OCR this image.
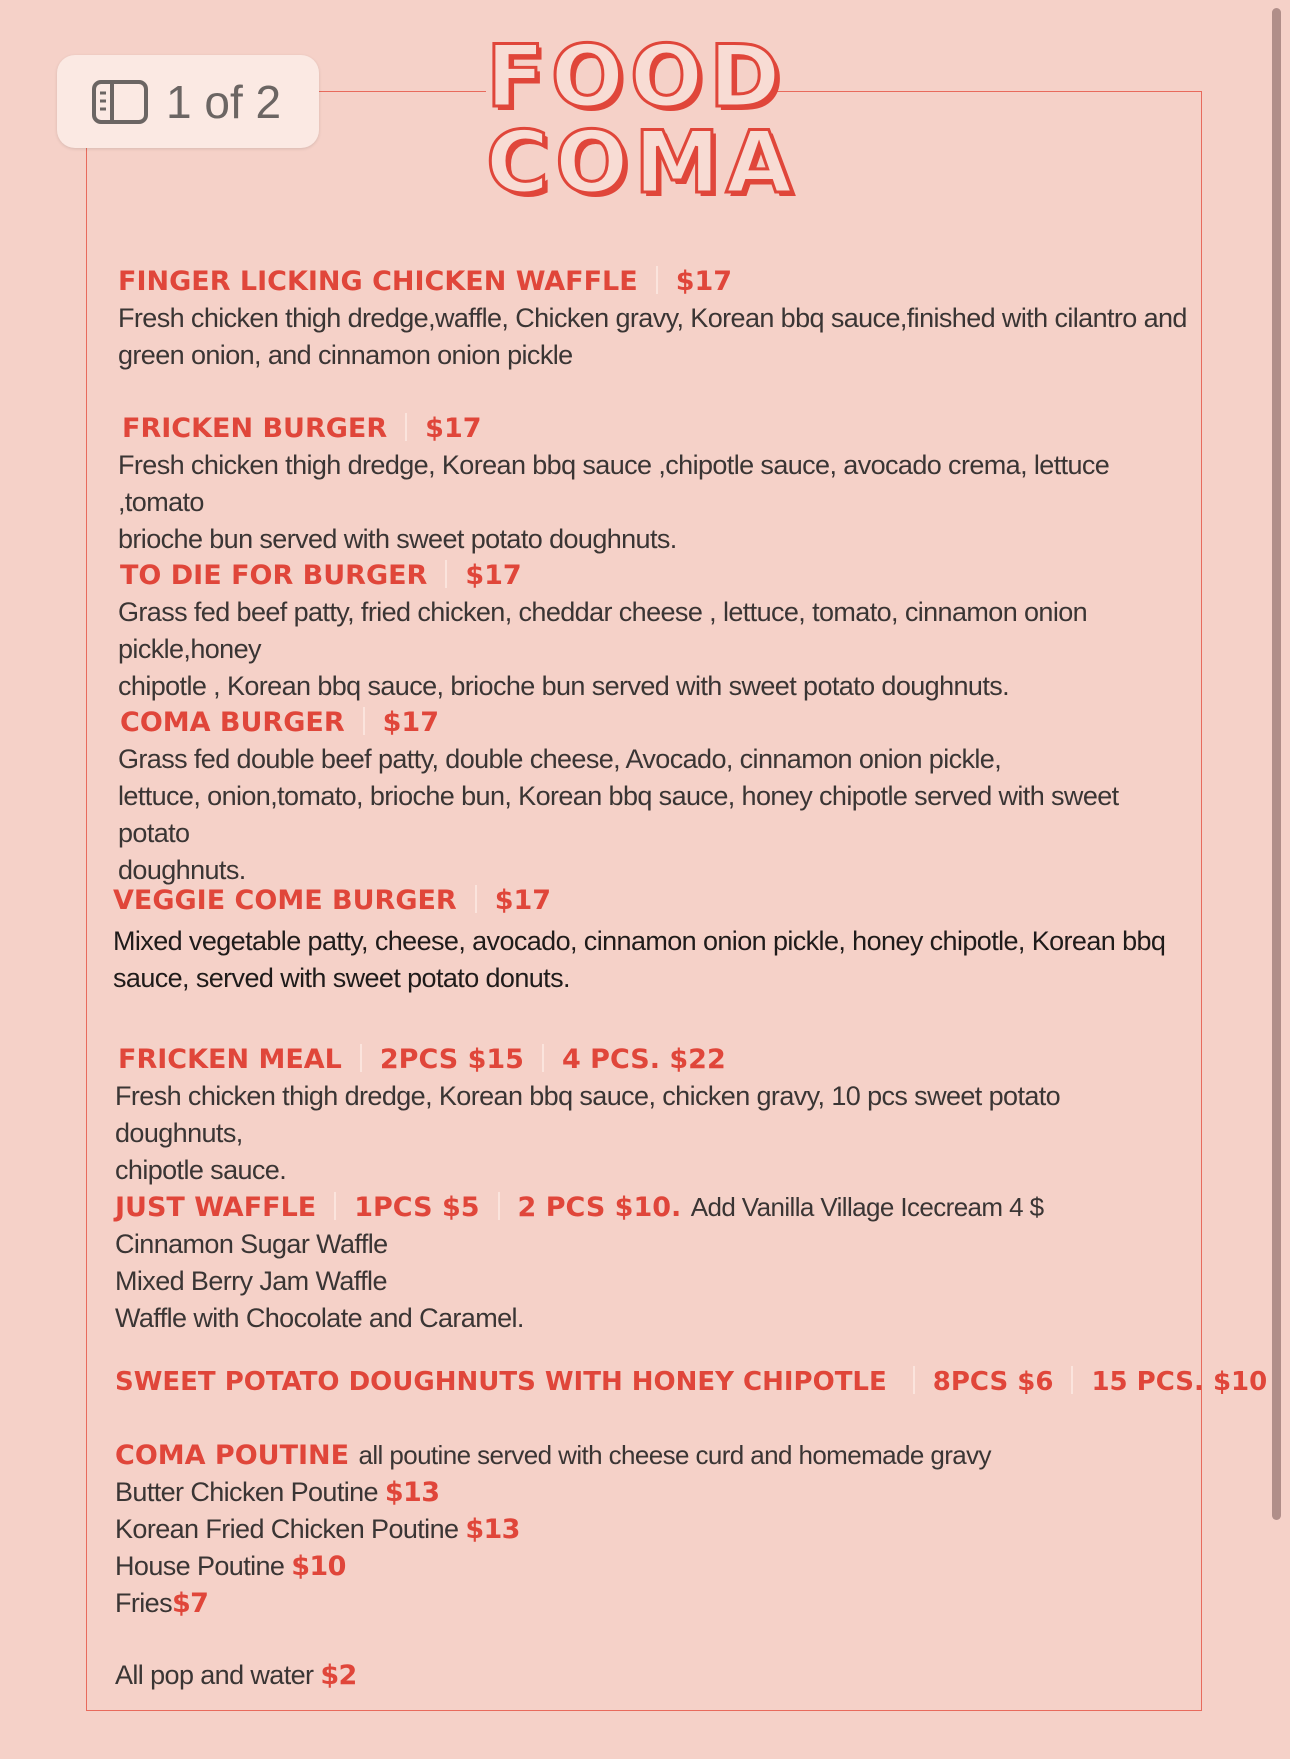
FOOD
COMA
1 of 2
FINGER LICKING CHICKEN WAFFLE $17
Fresh chicken thigh dredge,waffle, Chicken gravy, Korean bbq sauce,finished with cilantro and
green onion, and cinnamon onion pickle
FRICKEN BURGER $17
Fresh chicken thigh dredge, Korean bbq sauce ,chipotle sauce, avocado crema, lettuce ,tomato
brioche bun served with sweet potato doughnuts.
TO DIE FOR BURGER $17
Grass fed beef patty, fried chicken, cheddar cheese , lettuce, tomato, cinnamon onion pickle,honey
chipotle , Korean bbq sauce, brioche bun served with sweet potato doughnuts.
COMA BURGER $17
Grass fed double beef patty, double cheese, Avocado, cinnamon onion pickle,
lettuce, onion,tomato, brioche bun, Korean bbq sauce, honey chipotle served with sweet potato
doughnuts.
VEGGIE COME BURGER $17
Mixed vegetable patty, cheese, avocado, cinnamon onion pickle, honey chipotle, Korean bbq
sauce, served with sweet potato donuts.
FRICKEN MEAL 2PCS $15 4 PCS. $22
Fresh chicken thigh dredge, Korean bbq sauce, chicken gravy, 10 pcs sweet potato doughnuts,
chipotle sauce.
JUST WAFFLE 1PCS $5 2 PCS $10. Add Vanilla Village Icecream 4 $
Cinnamon Sugar Waffle
Mixed Berry Jam Waffle
Waffle with Chocolate and Caramel.
SWEET POTATO DOUGHNUTS WITH HONEY CHIPOTLE 8PCS $6 15 PCS. $10
COMA POUTINE all poutine served with cheese curd and homemade gravy
Butter Chicken Poutine $13
Korean Fried Chicken Poutine $13
House Poutine $10
Fries$7
All pop and water $2
